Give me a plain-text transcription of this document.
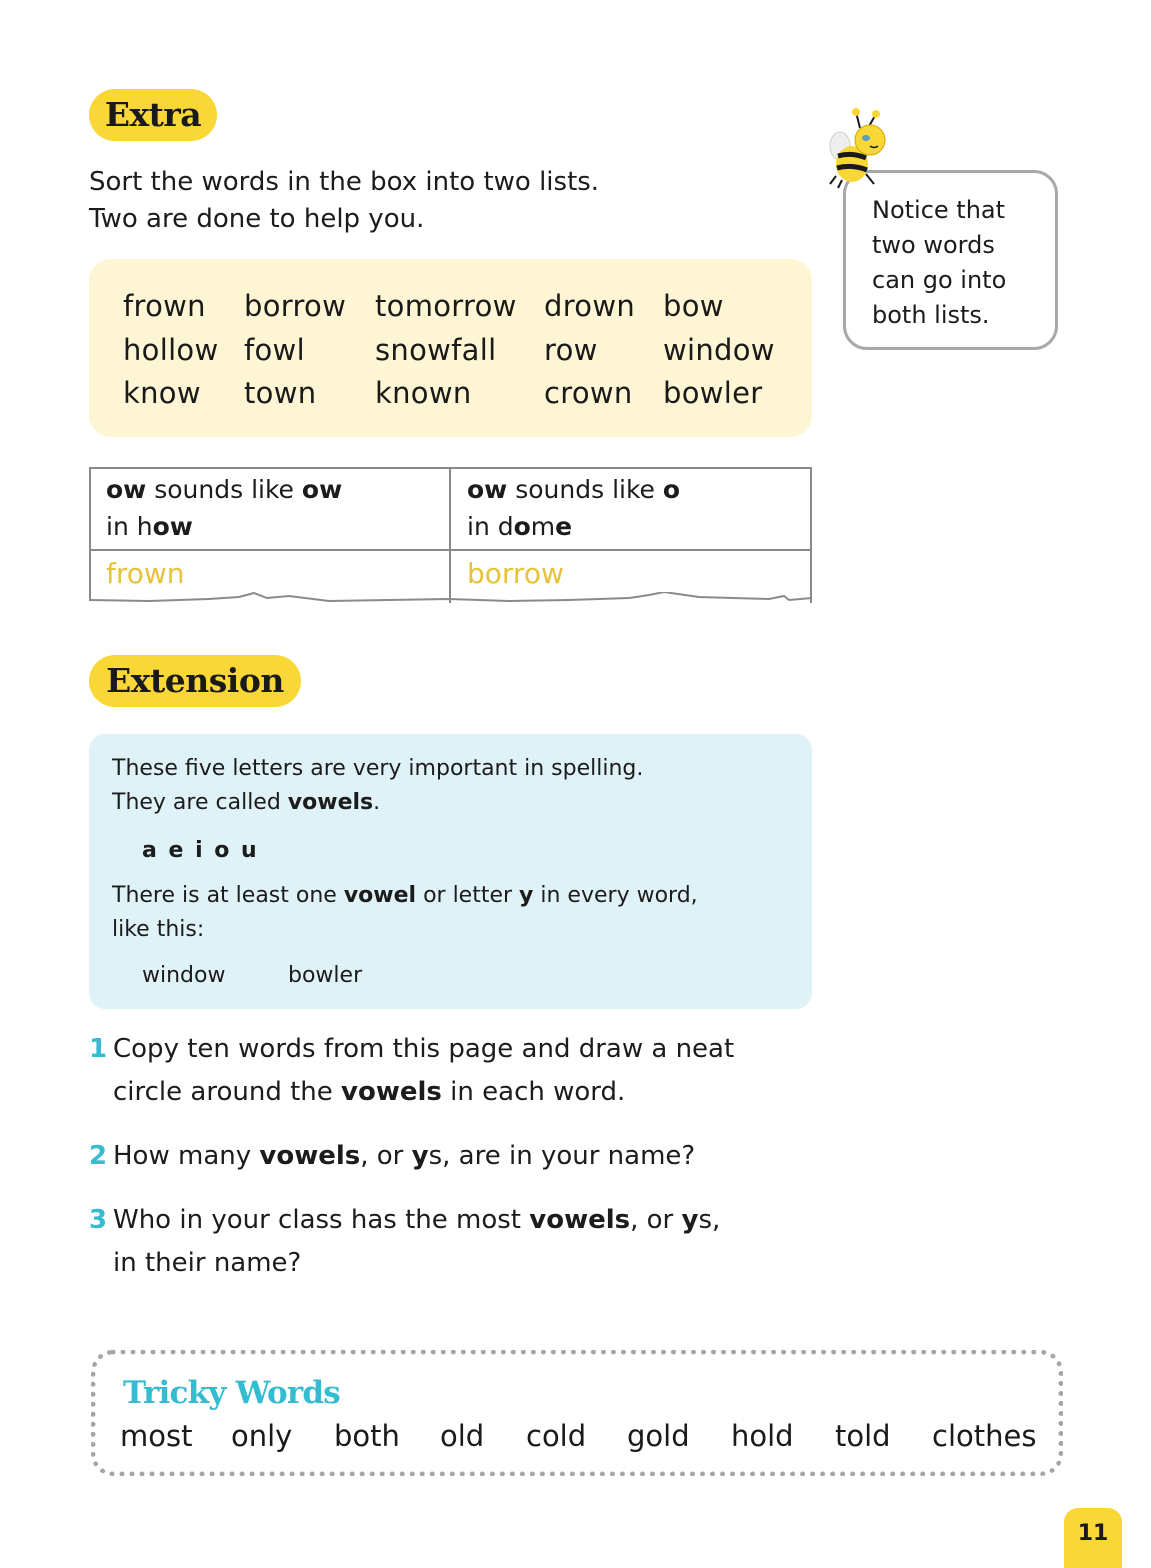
Extra
Sort the words in the box into two lists.
Two are done to help you.
frown borrow tomorrow drown bow
hollow fowl snowfall row window
know town known crown bowler
Notice that
two words
can go into
both lists.
ow sounds like ow
in how
ow sounds like o
in dome
frown	borrow
Extension
These five letters are very important in spelling.
They are called vowels.
a e i o u
There is at least one vowel or letter y in every word,
like this:
window	bowler
1 Copy ten words from this page and draw a neat
circle around the vowels in each word.
2 How many vowels, or ys, are in your name?
3 Who in your class has the most vowels, or ys,
in their name?
Tricky Words
most only both old cold gold hold told clothes
11
